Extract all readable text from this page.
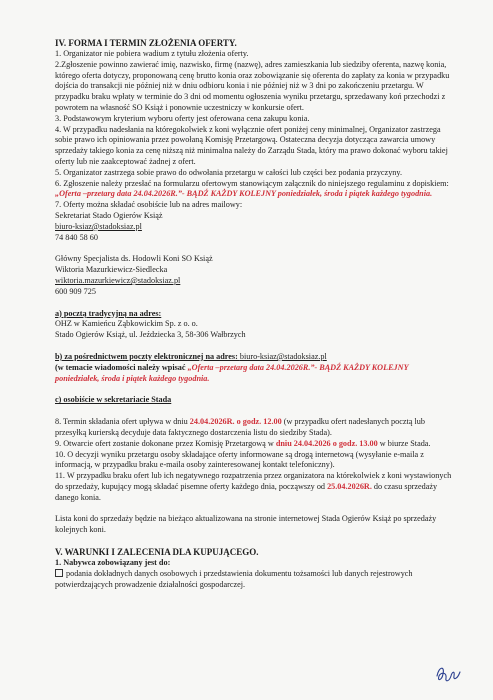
IV. FORMA I TERMIN ZŁOŻENIA OFERTY.

1. Organizator nie pobiera wadium z tytułu złożenia oferty.

2.Zgłoszenie powinno zawierać imię, nazwisko, firmę (nazwę), adres zamieszkania lub siedziby oferenta, nazwę konia, którego oferta dotyczy, proponowaną cenę brutto konia oraz zobowiązanie się oferenta do zapłaty za konia w przypadku dojścia do transakcji nie później niż w dniu odbioru konia i nie później niż w 3 dni po zakończeniu przetargu. W przypadku braku wpłaty w terminie do 3 dni od momentu ogłoszenia wyniku przetargu, sprzedawany koń przechodzi z powrotem na własność SO Książ i ponownie uczestniczy w konkursie ofert.

3. Podstawowym kryterium wyboru oferty jest oferowana cena zakupu konia.

4. W przypadku nadesłania na któregokolwiek z koni wyłącznie ofert poniżej ceny minimalnej, Organizator zastrzega sobie prawo ich opiniowania przez powołaną Komisję Przetargową. Ostateczna decyzja dotycząca zawarcia umowy sprzedaży takiego konia za cenę niższą niż minimalna należy do Zarządu Stada, który ma prawo dokonać wyboru takiej oferty lub nie zaakceptować żadnej z ofert.

5. Organizator zastrzega sobie prawo do odwołania przetargu w całości lub części bez podania przyczyny.

6. Zgłoszenie należy przesłać na formularzu ofertowym stanowiącym załącznik do niniejszego regulaminu z dopiskiem: „Oferta –przetarg data 24.04.2026R.”- BĄDŹ KAŻDY KOLEJNY poniedziałek, środa i piątek każdego tygodnia.

7. Oferty można składać osobiście lub na adres mailowy:

Sekretariat Stado Ogierów Książ

biuro-ksiaz@stadoksiaz.pl

74 840 58 60

Główny Specjalista ds. Hodowli Koni SO Książ

Wiktoria Mazurkiewicz-Siedlecka

wiktoria.mazurkiewicz@stadoksiaz.pl

600 909 725

a) pocztą tradycyjną na adres:

OHZ w Kamieńcu Ząbkowickim Sp. z o. o.

Stado Ogierów Książ, ul. Jeździecka 3, 58-306 Wałbrzych

b) za pośrednictwem poczty elektronicznej na adres: biuro-ksiaz@stadoksiaz.pl

(w temacie wiadomości należy wpisać „Oferta –przetarg data 24.04.2026R.”- BĄDŹ KAŻDY KOLEJNY poniedziałek, środa i piątek każdego tygodnia.

c) osobiście w sekretariacie Stada

8. Termin składania ofert upływa w dniu 24.04.2026R. o godz. 12.00 (w przypadku ofert nadesłanych pocztą lub przesyłką kurierską decyduje data faktycznego dostarczenia listu do siedziby Stada).

9. Otwarcie ofert zostanie dokonane przez Komisję Przetargową w dniu 24.04.2026 o godz. 13.00 w biurze Stada.

10. O decyzji wyniku przetargu osoby składające oferty informowane są drogą internetową (wysyłanie e-maila z informacją, w przypadku braku e-maila osoby zainteresowanej kontakt telefoniczny).

11. W przypadku braku ofert lub ich negatywnego rozpatrzenia przez organizatora na którekolwiek z koni wystawionych do sprzedaży, kupujący mogą składać pisemne oferty każdego dnia, począwszy od 25.04.2026R. do czasu sprzedaży danego konia.

Lista koni do sprzedaży będzie na bieżąco aktualizowana na stronie internetowej Stada Ogierów Książ po sprzedaży kolejnych koni.

V. WARUNKI I ZALECENIA DLA KUPUJĄCEGO.

1. Nabywca zobowiązany jest do:

podania dokładnych danych osobowych i przedstawienia dokumentu tożsamości lub danych rejestrowych potwierdzających prowadzenie działalności gospodarczej.
